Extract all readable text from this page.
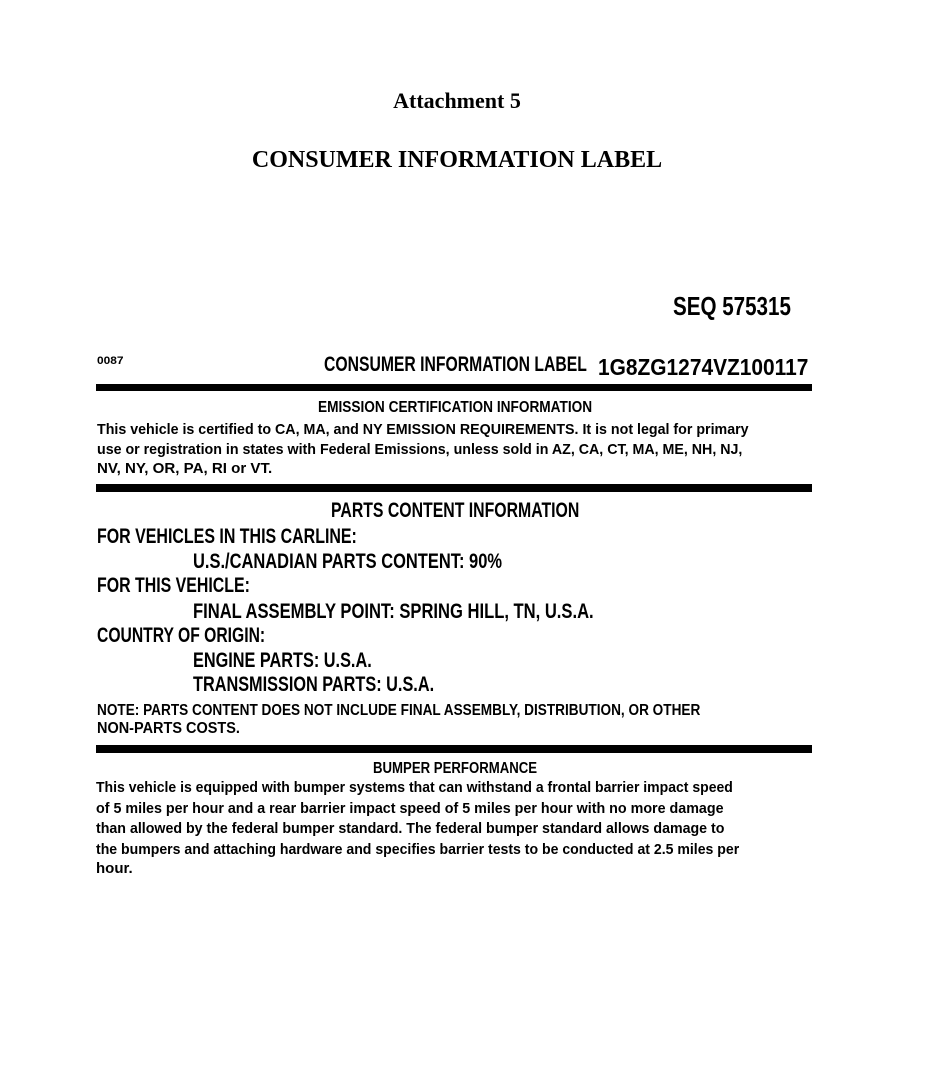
Attachment 5
CONSUMER INFORMATION LABEL
SEQ 575315
0087	CONSUMER INFORMATION LABEL 1G8ZG1274VZ100117
EMISSION CERTIFICATION INFORMATION
This vehicle is certified to CA, MA, and NY EMISSION REQUIREMENTS. It is not legal for primary
use or registration in states with Federal Emissions, unless sold in AZ, CA, CT, MA, ME, NH, NJ,
NV, NY, OR, PA, RI or VT.
PARTS CONTENT INFORMATION
FOR VEHICLES IN THIS CARLINE:
U.S./CANADIAN PARTS CONTENT: 90%
FOR THIS VEHICLE:
FINAL ASSEMBLY POINT: SPRING HILL, TN, U.S.A.
COUNTRY OF ORIGIN:
ENGINE PARTS: U.S.A.
TRANSMISSION PARTS: U.S.A.
NOTE: PARTS CONTENT DOES NOT INCLUDE FINAL ASSEMBLY, DISTRIBUTION, OR OTHER
NON-PARTS COSTS.
BUMPER PERFORMANCE
This vehicle is equipped with bumper systems that can withstand a frontal barrier impact speed
of 5 miles per hour and a rear barrier impact speed of 5 miles per hour with no more damage
than allowed by the federal bumper standard. The federal bumper standard allows damage to
the bumpers and attaching hardware and specifies barrier tests to be conducted at 2.5 miles per
hour.
